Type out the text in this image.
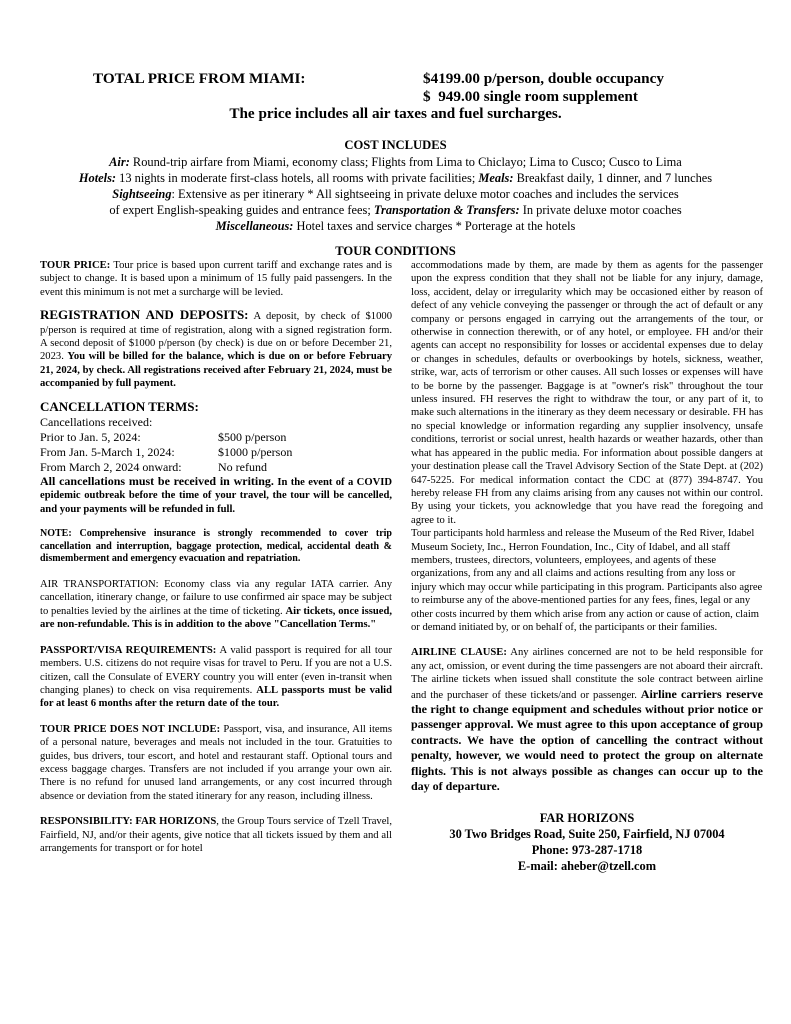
TOTAL PRICE FROM MIAMI:	$4199.00 p/person, double occupancy
$  949.00 single room supplement
The price includes all air taxes and fuel surcharges.
COST INCLUDES
Air: Round-trip airfare from Miami, economy class; Flights from Lima to Chiclayo; Lima to Cusco; Cusco to Lima
Hotels: 13 nights in moderate first-class hotels, all rooms with private facilities; Meals: Breakfast daily, 1 dinner, and 7 lunches
Sightseeing: Extensive as per itinerary * All sightseeing in private deluxe motor coaches and includes the services
of expert English-speaking guides and entrance fees; Transportation & Transfers: In private deluxe motor coaches
Miscellaneous: Hotel taxes and service charges * Porterage at the hotels
TOUR CONDITIONS

TOUR PRICE: Tour price is based upon current tariff and exchange rates and is subject to change. It is based upon a minimum of 15 fully paid passengers. In the event this minimum is not met a surcharge will be levied.

REGISTRATION AND DEPOSITS: A deposit, by check of $1000 p/person is required at time of registration, along with a signed registration form. A second deposit of $1000 p/person (by check) is due on or before December 21, 2023. You will be billed for the balance, which is due on or before February 21, 2024, by check. All registrations received after February 21, 2024, must be accompanied by full payment.

CANCELLATION TERMS:

Cancellations received:
Prior to Jan. 5, 2024:	$500 p/person
From Jan. 5-March 1, 2024:	$1000 p/person
From March 2, 2024 onward:	No refund

All cancellations must be received in writing. In the event of a COVID epidemic outbreak before the time of your travel, the tour will be cancelled, and your payments will be refunded in full.

NOTE: Comprehensive insurance is strongly recommended to cover trip cancellation and interruption, baggage protection, medical, accidental death & dismemberment and emergency evacuation and repatriation.

AIR TRANSPORTATION: Economy class via any regular IATA carrier. Any cancellation, itinerary change, or failure to use confirmed air space may be subject to penalties levied by the airlines at the time of ticketing. Air tickets, once issued, are non-refundable. This is in addition to the above "Cancellation Terms."

PASSPORT/VISA REQUIREMENTS: A valid passport is required for all tour members. U.S. citizens do not require visas for travel to Peru. If you are not a U.S. citizen, call the Consulate of EVERY country you will enter (even in-transit when changing planes) to check on visa requirements. ALL passports must be valid for at least 6 months after the return date of the tour.

TOUR PRICE DOES NOT INCLUDE: Passport, visa, and insurance, All items of a personal nature, beverages and meals not included in the tour. Gratuities to guides, bus drivers, tour escort, and hotel and restaurant staff. Optional tours and excess baggage charges. Transfers are not included if you arrange your own air. There is no refund for unused land arrangements, or any cost incurred through absence or deviation from the stated itinerary for any reason, including illness.

RESPONSIBILITY: FAR HORIZONS, the Group Tours service of Tzell Travel, Fairfield, NJ, and/or their agents, give notice that all tickets issued by them and all arrangements for transport or for hotel

accommodations made by them, are made by them as agents for the passenger upon the express condition that they shall not be liable for any injury, damage, loss, accident, delay or irregularity which may be occasioned either by reason of defect of any vehicle conveying the passenger or through the act of default or any company or persons engaged in carrying out the arrangements of the tour, or otherwise in connection therewith, or of any hotel, or employee. FH and/or their agents can accept no responsibility for losses or accidental expenses due to delay or changes in schedules, defaults or overbookings by hotels, sickness, weather, strike, war, acts of terrorism or other causes. All such losses or expenses will have to be borne by the passenger. Baggage is at "owner's risk" throughout the tour unless insured. FH reserves the right to withdraw the tour, or any part of it, to make such alternations in the itinerary as they deem necessary or desirable. FH has no special knowledge or information regarding any supplier insolvency, unsafe conditions, terrorist or social unrest, health hazards or weather hazards, other than what has appeared in the public media. For information about possible dangers at your destination please call the Travel Advisory Section of the State Dept. at (202) 647-5225. For medical information contact the CDC at (877) 394-8747. You hereby release FH from any claims arising from any causes not within our control. By using your tickets, you acknowledge that you have read the foregoing and agree to it.

Tour participants hold harmless and release the Museum of the Red River, Idabel Museum Society, Inc., Herron Foundation, Inc., City of Idabel, and all staff members, trustees, directors, volunteers, employees, and agents of these organizations, from any and all claims and actions resulting from any loss or injury which may occur while participating in this program. Participants also agree to reimburse any of the above-mentioned parties for any fees, fines, legal or any other costs incurred by them which arise from any action or cause of action, claim or demand initiated by, or on behalf of, the participants or their families.

AIRLINE CLAUSE: Any airlines concerned are not to be held responsible for any act, omission, or event during the time passengers are not aboard their aircraft. The airline tickets when issued shall constitute the sole contract between airline and the purchaser of these tickets/and or passenger. Airline carriers reserve the right to change equipment and schedules without prior notice or passenger approval. We must agree to this upon acceptance of group contracts. We have the option of cancelling the contract without penalty, however, we would need to protect the group on alternate flights. This is not always possible as changes can occur up to the day of departure.

FAR HORIZONS
30 Two Bridges Road, Suite 250, Fairfield, NJ 07004
Phone: 973-287-1718
E-mail: aheber@tzell.com
